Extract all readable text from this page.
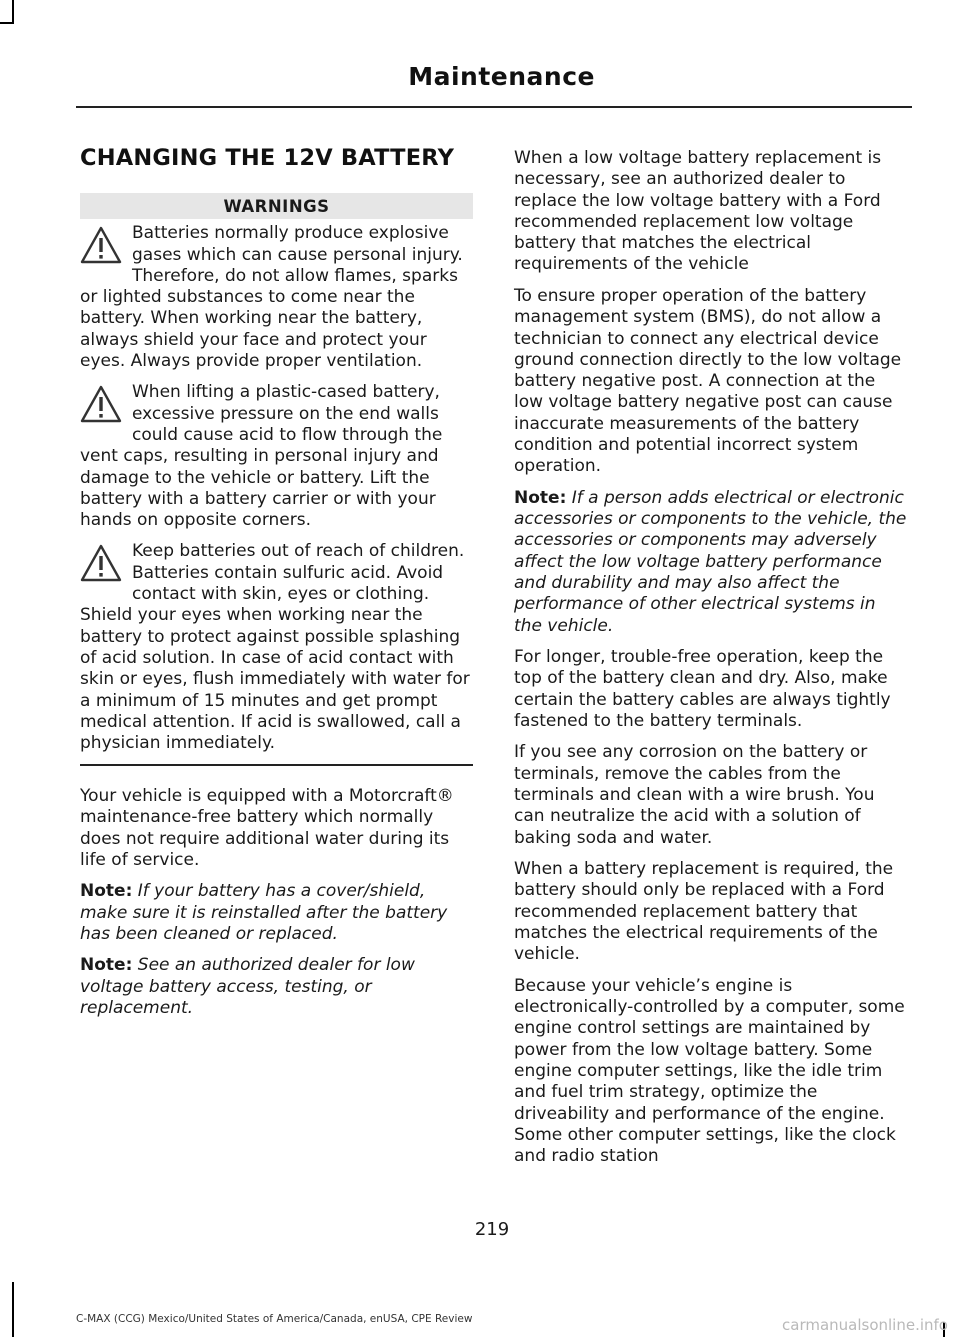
Maintenance
CHANGING THE 12V BATTERY
WARNINGS
Batteries normally produce explosive gases which can cause personal injury. Therefore, do not allow flames, sparks or lighted substances to come near the battery. When working near the battery, always shield your face and protect your eyes. Always provide proper ventilation.
When lifting a plastic-cased battery, excessive pressure on the end walls could cause acid to flow through the vent caps, resulting in personal injury and damage to the vehicle or battery. Lift the battery with a battery carrier or with your hands on opposite corners.
Keep batteries out of reach of children. Batteries contain sulfuric acid. Avoid contact with skin, eyes or clothing. Shield your eyes when working near the battery to protect against possible splashing of acid solution. In case of acid contact with skin or eyes, flush immediately with water for a minimum of 15 minutes and get prompt medical attention. If acid is swallowed, call a physician immediately.

Your vehicle is equipped with a Motorcraft® maintenance-free battery which normally does not require additional water during its life of service.

Note: If your battery has a cover/shield, make sure it is reinstalled after the battery has been cleaned or replaced.

Note: See an authorized dealer for low voltage battery access, testing, or replacement.

When a low voltage battery replacement is necessary, see an authorized dealer to replace the low voltage battery with a Ford recommended replacement low voltage battery that matches the electrical requirements of the vehicle

To ensure proper operation of the battery management system (BMS), do not allow a technician to connect any electrical device ground connection directly to the low voltage battery negative post. A connection at the low voltage battery negative post can cause inaccurate measurements of the battery condition and potential incorrect system operation.

Note: If a person adds electrical or electronic accessories or components to the vehicle, the accessories or components may adversely affect the low voltage battery performance and durability and may also affect the performance of other electrical systems in the vehicle.

For longer, trouble-free operation, keep the top of the battery clean and dry. Also, make certain the battery cables are always tightly fastened to the battery terminals.

If you see any corrosion on the battery or terminals, remove the cables from the terminals and clean with a wire brush. You can neutralize the acid with a solution of baking soda and water.

When a battery replacement is required, the battery should only be replaced with a Ford recommended replacement battery that matches the electrical requirements of the vehicle.

Because your vehicle’s engine is electronically-controlled by a computer, some engine control settings are maintained by power from the low voltage battery. Some engine computer settings, like the idle trim and fuel trim strategy, optimize the driveability and performance of the engine. Some other computer settings, like the clock and radio station

219
C-MAX (CCG) Mexico/United States of America/Canada, enUSA, CPE Review	carmanualsonline.info
